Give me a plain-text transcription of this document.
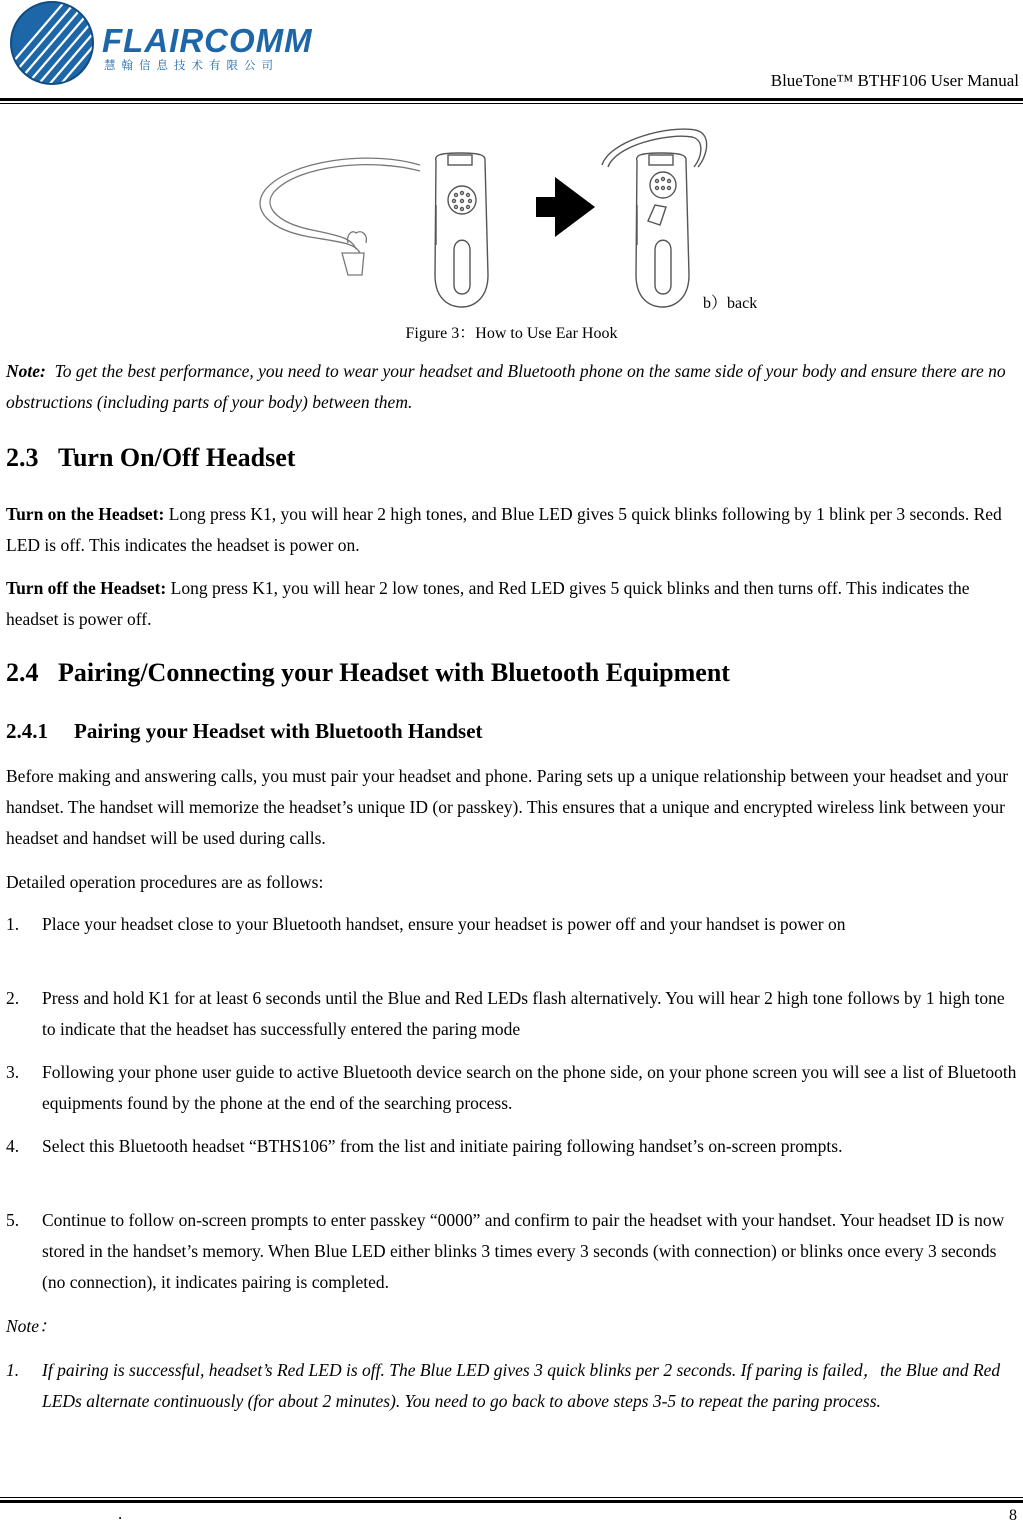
FLAIRCOMM
慧翰信息技术有限公司
BlueTone™ BTHF106 User Manual
b）back
Figure 3：How to Use Ear Hook

Note: To get the best performance, you need to wear your headset and Bluetooth phone on the same side of your body and ensure there are no obstructions (including parts of your body) between them.

2.3 Turn On/Off Headset

Turn on the Headset: Long press K1, you will hear 2 high tones, and Blue LED gives 5 quick blinks following by 1 blink per 3 seconds. Red LED is off. This indicates the headset is power on.

Turn off the Headset: Long press K1, you will hear 2 low tones, and Red LED gives 5 quick blinks and then turns off. This indicates the headset is power off.

2.4 Pairing/Connecting your Headset with Bluetooth Equipment
2.4.1 Pairing your Headset with Bluetooth Handset

Before making and answering calls, you must pair your headset and phone. Paring sets up a unique relationship between your headset and your handset. The handset will memorize the headset’s unique ID (or passkey). This ensures that a unique and encrypted wireless link between your headset and handset will be used during calls.

Detailed operation procedures are as follows:

1.	Place your headset close to your Bluetooth handset, ensure your headset is power off and your handset is power on
2.	Press and hold K1 for at least 6 seconds until the Blue and Red LEDs flash alternatively. You will hear 2 high tone follows by 1 high tone to indicate that the headset has successfully entered the paring mode
3.	Following your phone user guide to active Bluetooth device search on the phone side, on your phone screen you will see a list of Bluetooth equipments found by the phone at the end of the searching process.
4.	Select this Bluetooth headset “BTHS106” from the list and initiate pairing following handset’s on-screen prompts.
5.	Continue to follow on-screen prompts to enter passkey “0000” and confirm to pair the headset with your handset. Your headset ID is now stored in the handset’s memory. When Blue LED either blinks 3 times every 3 seconds (with connection) or blinks once every 3 seconds (no connection), it indicates pairing is completed.

Note：

1.	If pairing is successful, headset’s Red LED is off. The Blue LED gives 3 quick blinks per 2 seconds. If paring is failed，the Blue and Red LEDs alternate continuously (for about 2 minutes). You need to go back to above steps 3-5 to repeat the paring process.
.	8
